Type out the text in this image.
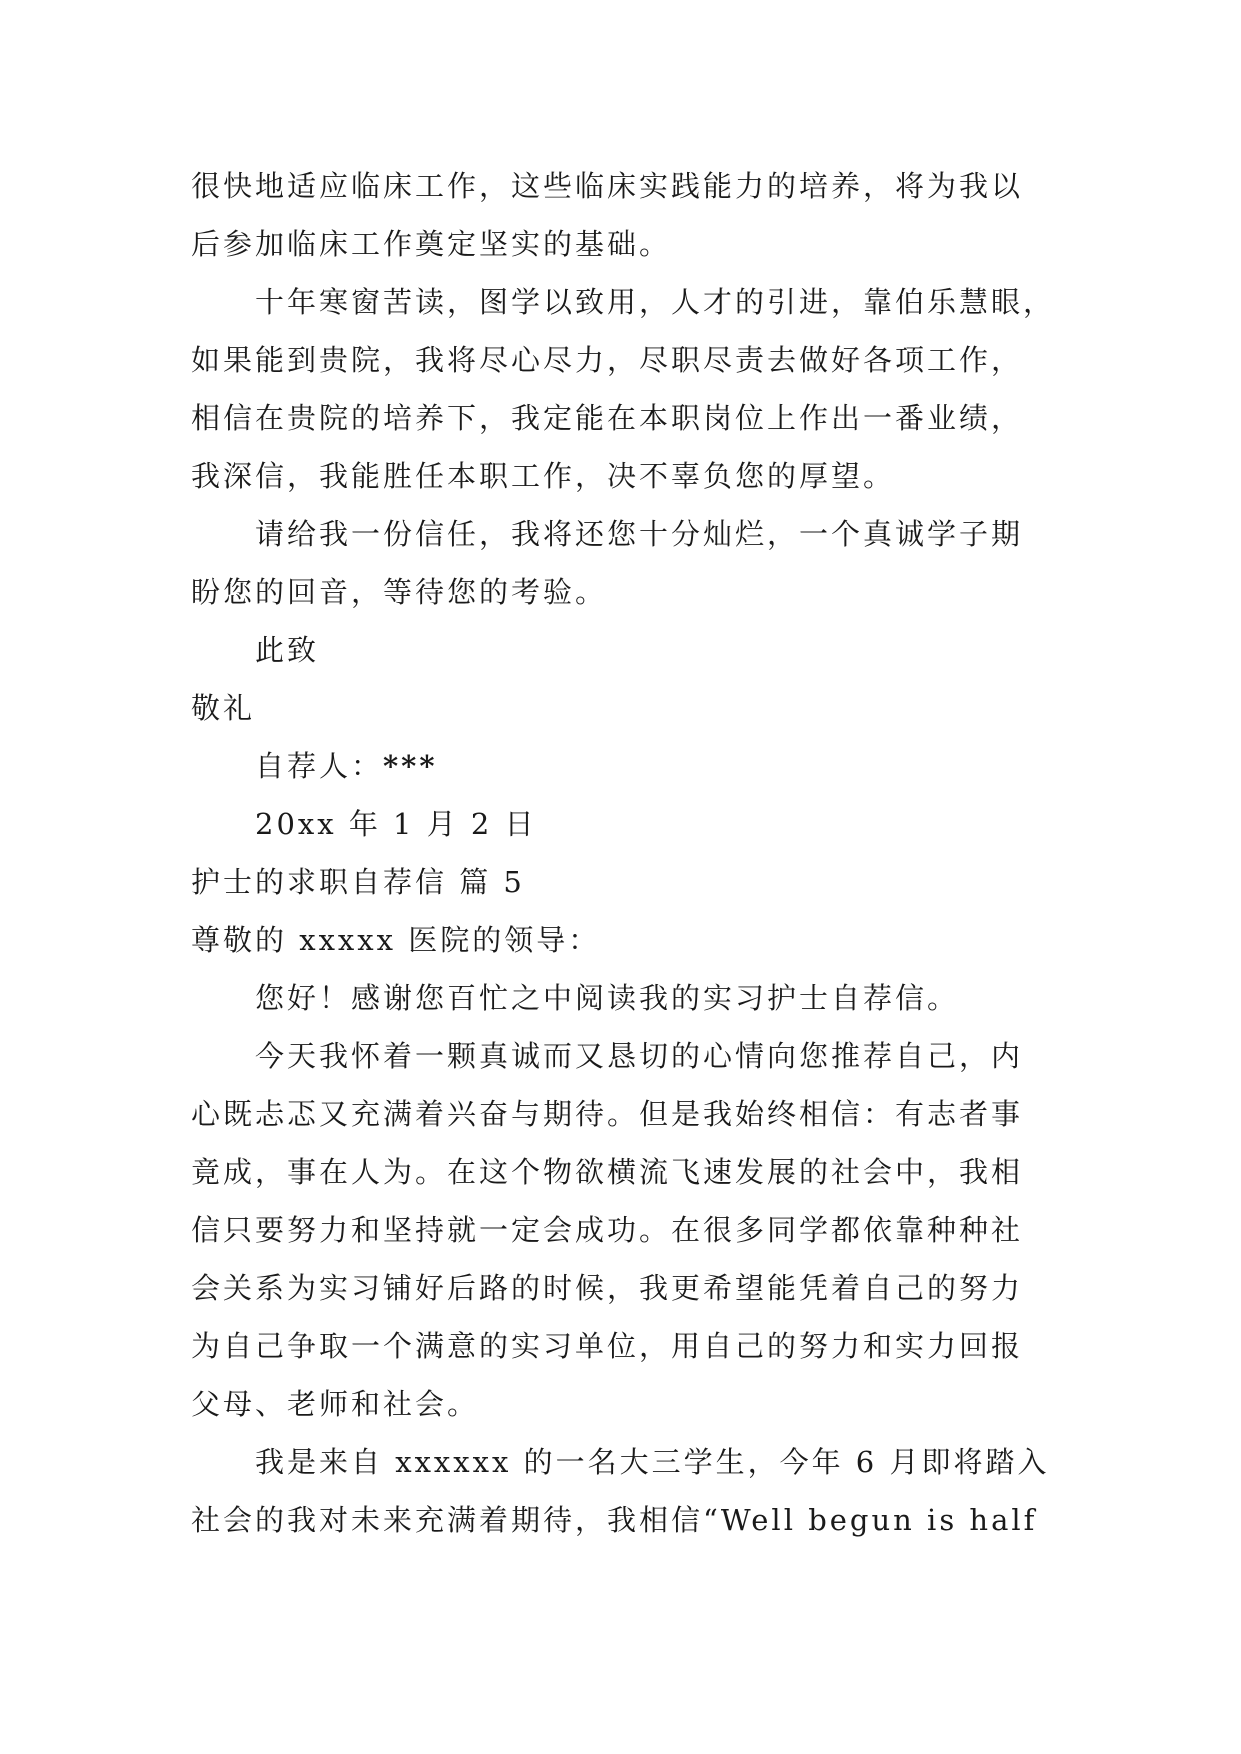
很快地适应临床工作，这些临床实践能力的培养，将为我以
后参加临床工作奠定坚实的基础。
十年寒窗苦读，图学以致用，人才的引进，靠伯乐慧眼，
如果能到贵院，我将尽心尽力，尽职尽责去做好各项工作，
相信在贵院的培养下，我定能在本职岗位上作出一番业绩，
我深信，我能胜任本职工作，决不辜负您的厚望。
请给我一份信任，我将还您十分灿烂，一个真诚学子期
盼您的回音，等待您的考验。
此致
敬礼
自荐人：***
20xx 年 1 月 2 日
护士的求职自荐信 篇 5
尊敬的 xxxxx 医院的领导：
您好！感谢您百忙之中阅读我的实习护士自荐信。
今天我怀着一颗真诚而又恳切的心情向您推荐自己，内
心既忐忑又充满着兴奋与期待。但是我始终相信：有志者事
竟成，事在人为。在这个物欲横流飞速发展的社会中，我相
信只要努力和坚持就一定会成功。在很多同学都依靠种种社
会关系为实习铺好后路的时候，我更希望能凭着自己的努力
为自己争取一个满意的实习单位，用自己的努力和实力回报
父母、老师和社会。
我是来自 xxxxxx 的一名大三学生，今年 6 月即将踏入
社会的我对未来充满着期待，我相信“Well begun is half
